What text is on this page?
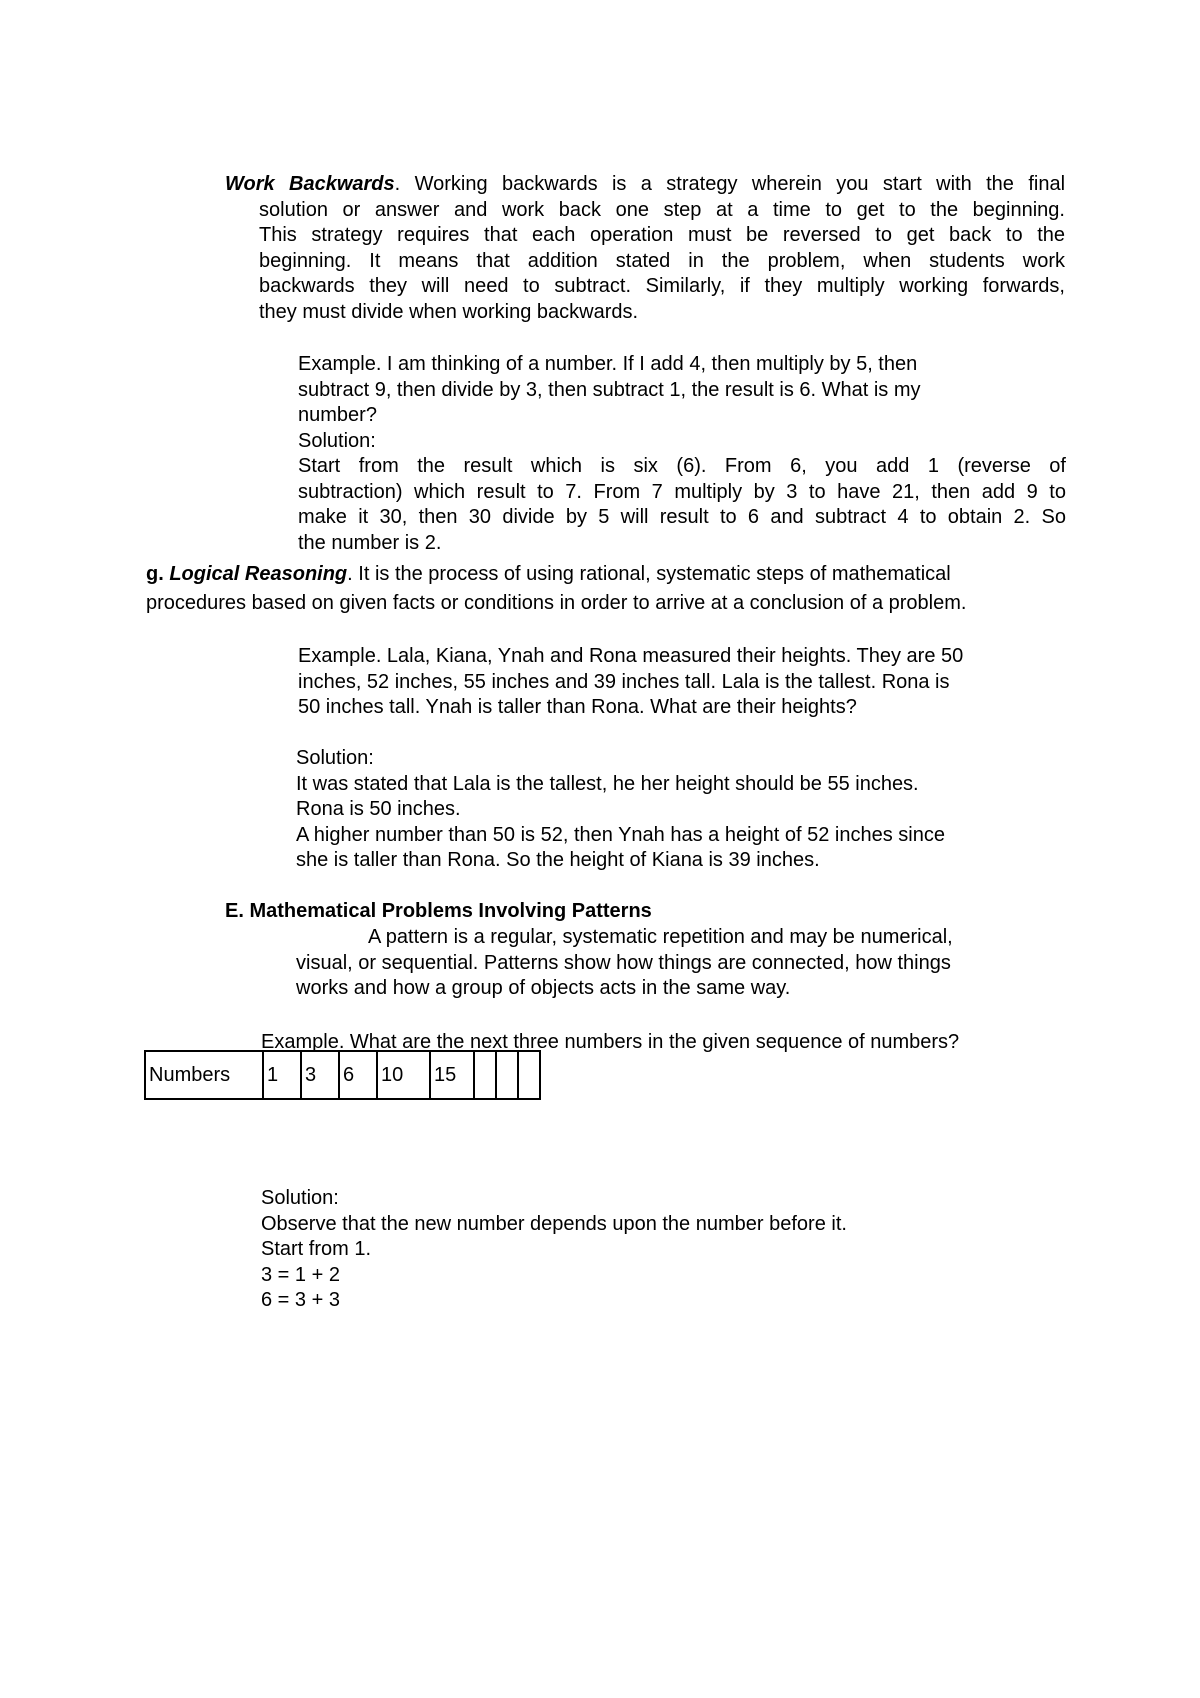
Work Backwards. Working backwards is a strategy wherein you start with the final
solution or answer and work back one step at a time to get to the beginning.
This strategy requires that each operation must be reversed to get back to the
beginning. It means that addition stated in the problem, when students work
backwards they will need to subtract. Similarly, if they multiply working forwards,
they must divide when working backwards.
Example. I am thinking of a number. If I add 4, then multiply by 5, then
subtract 9, then divide by 3, then subtract 1, the result is 6. What is my
number?
Solution:
Start from the result which is six (6). From 6, you add 1 (reverse of
subtraction) which result to 7. From 7 multiply by 3 to have 21, then add 9 to
make it 30, then 30 divide by 5 will result to 6 and subtract 4 to obtain 2. So
the number is 2.
g. Logical Reasoning. It is the process of using rational, systematic steps of mathematical
procedures based on given facts or conditions in order to arrive at a conclusion of a problem.
Example. Lala, Kiana, Ynah and Rona measured their heights. They are 50
inches, 52 inches, 55 inches and 39 inches tall. Lala is the tallest. Rona is
50 inches tall. Ynah is taller than Rona. What are their heights?
Solution:
It was stated that Lala is the tallest, he her height should be 55 inches.
Rona is 50 inches.
A higher number than 50 is 52, then Ynah has a height of 52 inches since
she is taller than Rona. So the height of Kiana is 39 inches.
E. Mathematical Problems Involving Patterns
A pattern is a regular, systematic repetition and may be numerical,
visual, or sequential. Patterns show how things are connected, how things
works and how a group of objects acts in the same way.
Example. What are the next three numbers in the given sequence of numbers?
Numbers	1	3	6	10	15			
Solution:
Observe that the new number depends upon the number before it.
Start from 1.
3 = 1 + 2
6 = 3 + 3
